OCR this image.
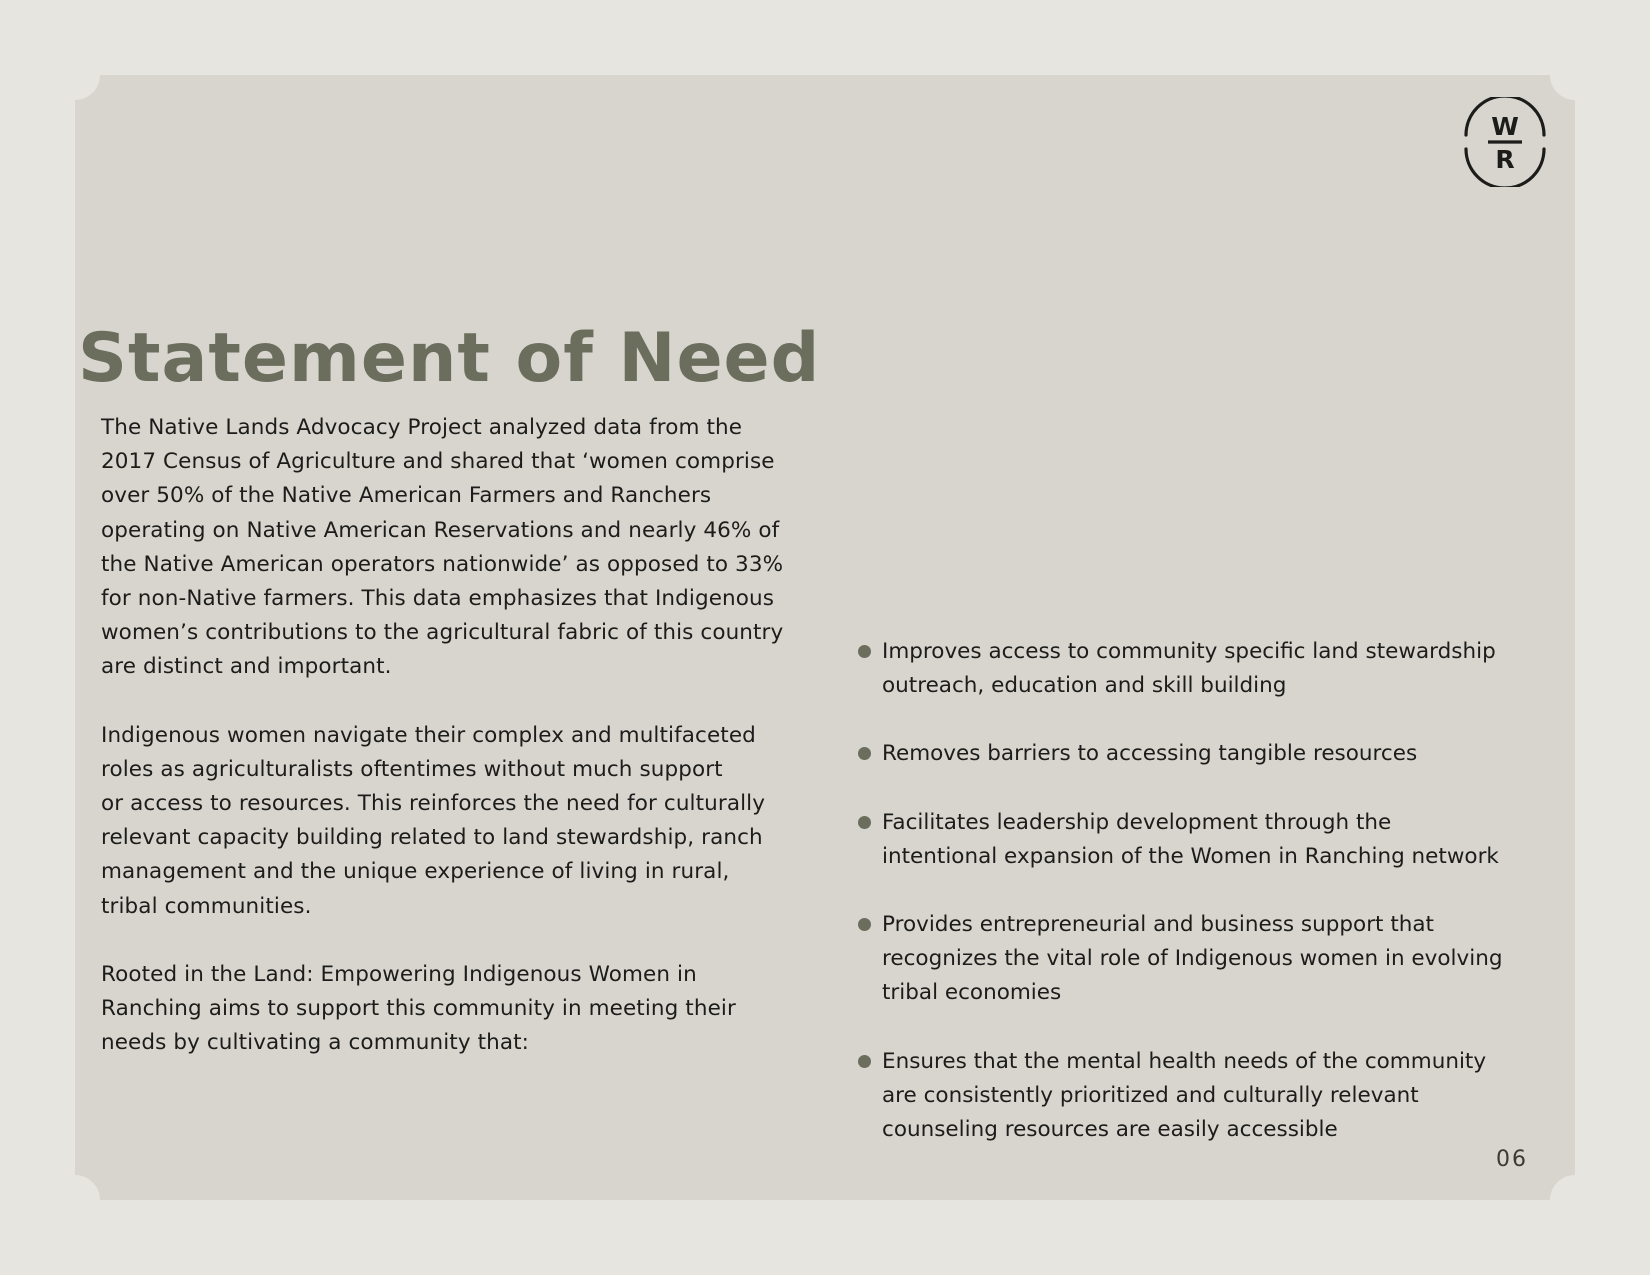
W
R
Statement of Need

The Native Lands Advocacy Project analyzed data from the
2017 Census of Agriculture and shared that ‘women comprise
over 50% of the Native American Farmers and Ranchers
operating on Native American Reservations and nearly 46% of
the Native American operators nationwide’ as opposed to 33%
for non-Native farmers. This data emphasizes that Indigenous
women’s contributions to the agricultural fabric of this country
are distinct and important.

Indigenous women navigate their complex and multifaceted
roles as agriculturalists oftentimes without much support
or access to resources. This reinforces the need for culturally
relevant capacity building related to land stewardship, ranch
management and the unique experience of living in rural,
tribal communities.

Rooted in the Land: Empowering Indigenous Women in
Ranching aims to support this community in meeting their
needs by cultivating a community that:

Improves access to community specific land stewardship
outreach, education and skill building
Removes barriers to accessing tangible resources
Facilitates leadership development through the
intentional expansion of the Women in Ranching network
Provides entrepreneurial and business support that
recognizes the vital role of Indigenous women in evolving
tribal economies
Ensures that the mental health needs of the community
are consistently prioritized and culturally relevant
counseling resources are easily accessible
06
